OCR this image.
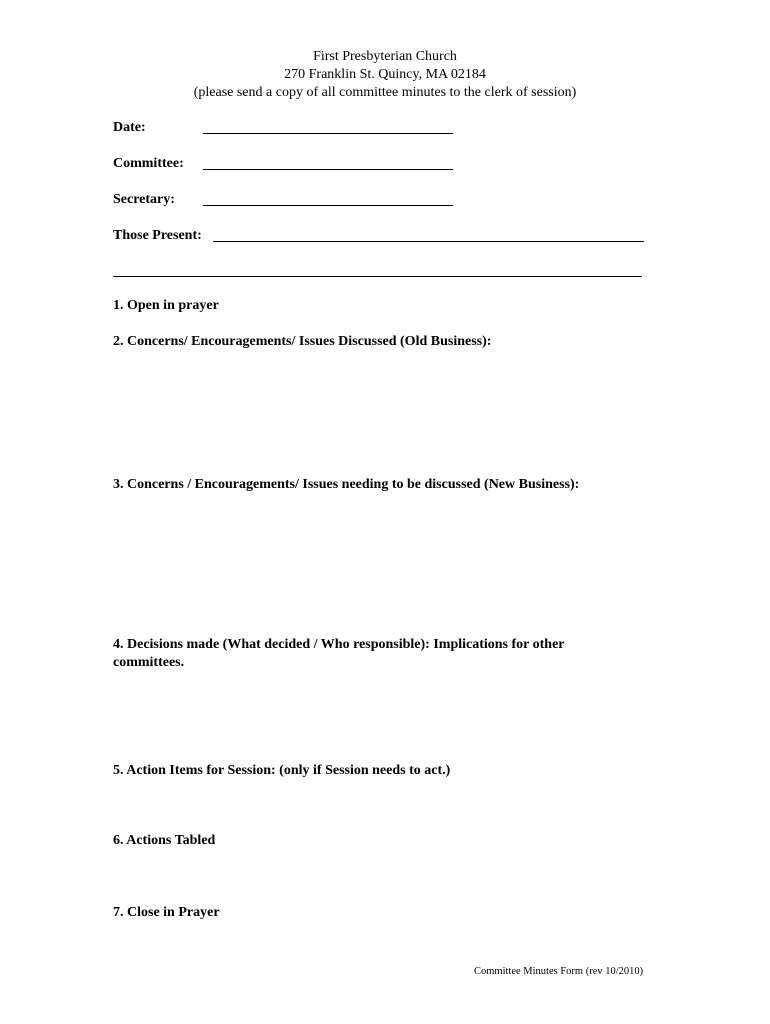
First Presbyterian Church
270 Franklin St. Quincy, MA 02184
(please send a copy of all committee minutes to the clerk of session)
Date:
Committee:
Secretary:
Those Present:
1. Open in prayer
2. Concerns/ Encouragements/ Issues Discussed (Old Business):
3. Concerns / Encouragements/ Issues needing to be discussed (New Business):
4. Decisions made (What decided / Who responsible): Implications for other committees.
5. Action Items for Session: (only if Session needs to act.)
6. Actions Tabled
7. Close in Prayer
Committee Minutes Form (rev 10/2010)
